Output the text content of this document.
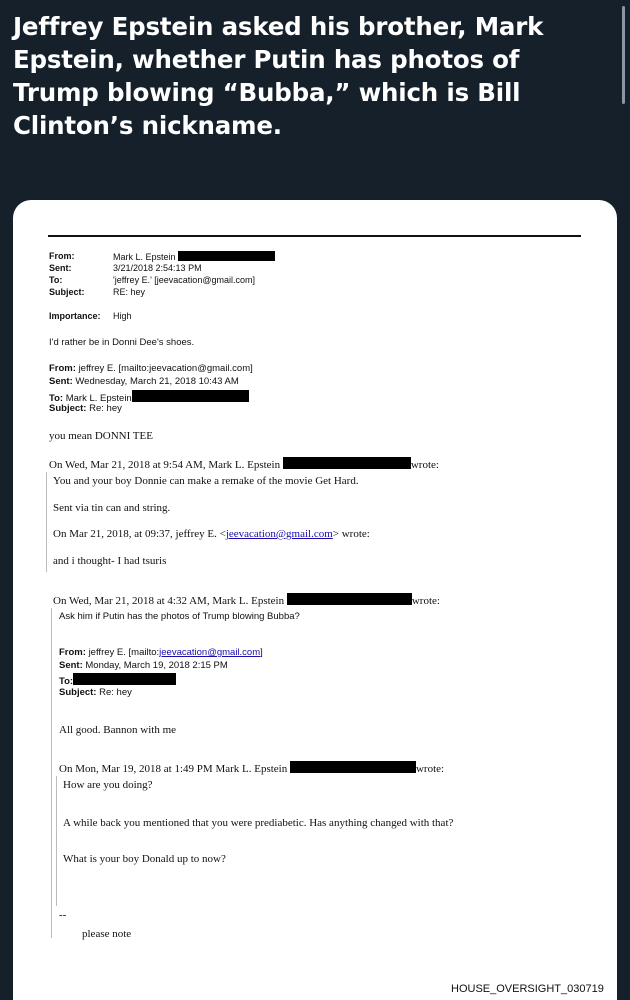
Jeffrey Epstein asked his brother, Mark Epstein, whether Putin has photos of Trump blowing “Bubba,” which is Bill Clinton’s nickname.
From:	Mark L. Epstein
Sent:	3/21/2018 2:54:13 PM
To:	'jeffrey E.' [jeevacation@gmail.com]
Subject:	RE: hey
Importance: High
I'd rather be in Donni Dee's shoes.
From: jeffrey E. [mailto:jeevacation@gmail.com]
Sent: Wednesday, March 21, 2018 10:43 AM
To: Mark L. Epstein
Subject: Re: hey
you mean DONNI TEE
On Wed, Mar 21, 2018 at 9:54 AM, Mark L. Epstein	wrote:
You and your boy Donnie can make a remake of the movie Get Hard.
Sent via tin can and string.
On Mar 21, 2018, at 09:37, jeffrey E. <jeevacation@gmail.com> wrote:
and i thought- I had tsuris
On Wed, Mar 21, 2018 at 4:32 AM, Mark L. Epstein	wrote:
Ask him if Putin has the photos of Trump blowing Bubba?
From: jeffrey E. [mailto:jeevacation@gmail.com]
Sent: Monday, March 19, 2018 2:15 PM
To:
Subject: Re: hey
All good. Bannon with me
On Mon, Mar 19, 2018 at 1:49 PM Mark L. Epstein	wrote:
How are you doing?
A while back you mentioned that you were prediabetic. Has anything changed with that?
What is your boy Donald up to now?
--
please note
HOUSE_OVERSIGHT_030719
